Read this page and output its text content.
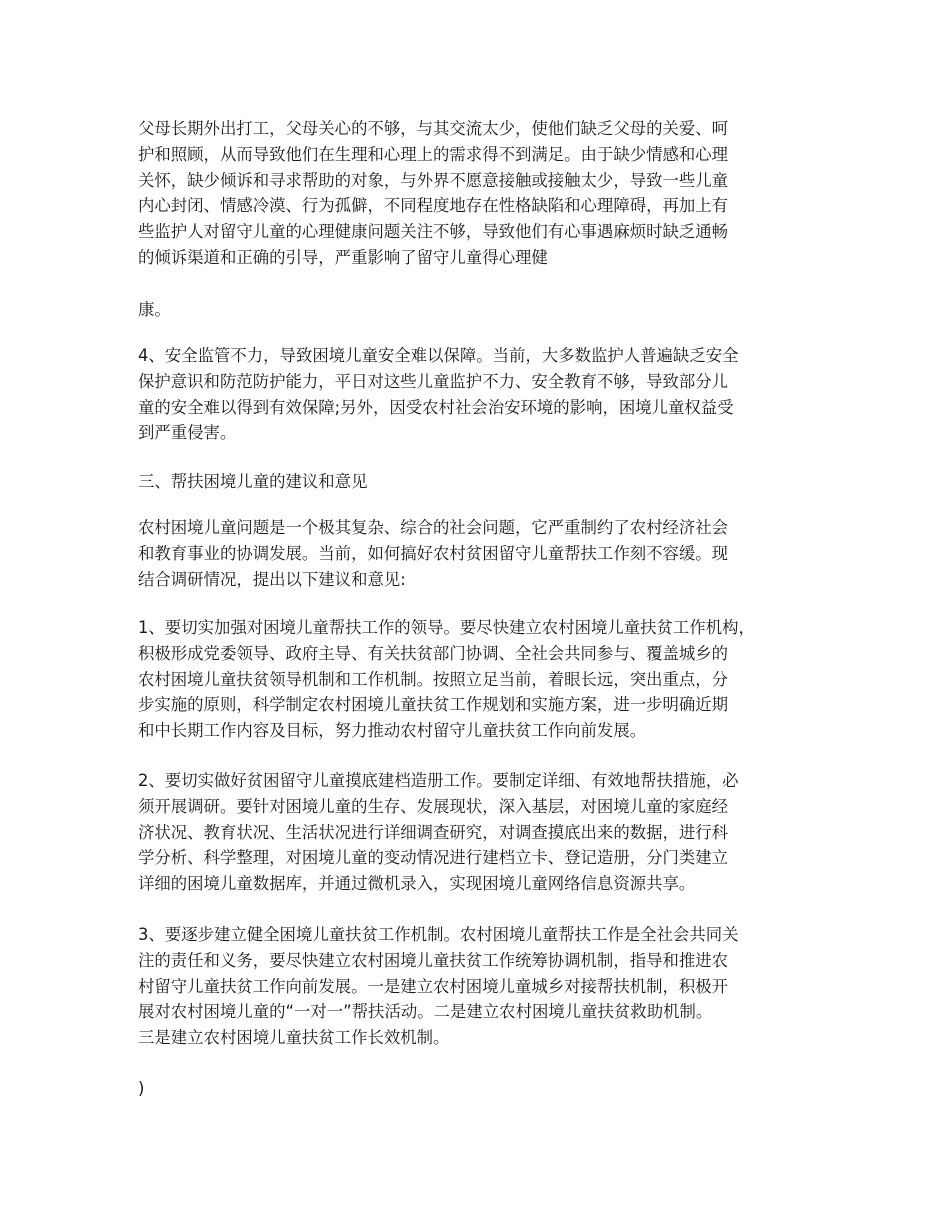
父母长期外出打工，父母关心的不够，与其交流太少，使他们缺乏父母的关爱、呵
护和照顾，从而导致他们在生理和心理上的需求得不到满足。由于缺少情感和心理
关怀，缺少倾诉和寻求帮助的对象，与外界不愿意接触或接触太少，导致一些儿童
内心封闭、情感冷漠、行为孤僻，不同程度地存在性格缺陷和心理障碍，再加上有
些监护人对留守儿童的心理健康问题关注不够，导致他们有心事遇麻烦时缺乏通畅
的倾诉渠道和正确的引导，严重影响了留守儿童得心理健
康。
4、安全监管不力，导致困境儿童安全难以保障。当前，大多数监护人普遍缺乏安全
保护意识和防范防护能力，平日对这些儿童监护不力、安全教育不够，导致部分儿
童的安全难以得到有效保障;另外，因受农村社会治安环境的影响，困境儿童权益受
到严重侵害。
三、帮扶困境儿童的建议和意见
农村困境儿童问题是一个极其复杂、综合的社会问题，它严重制约了农村经济社会
和教育事业的协调发展。当前，如何搞好农村贫困留守儿童帮扶工作刻不容缓。现
结合调研情况，提出以下建议和意见:
1、要切实加强对困境儿童帮扶工作的领导。要尽快建立农村困境儿童扶贫工作机构，
积极形成党委领导、政府主导、有关扶贫部门协调、全社会共同参与、覆盖城乡的
农村困境儿童扶贫领导机制和工作机制。按照立足当前，着眼长远，突出重点，分
步实施的原则，科学制定农村困境儿童扶贫工作规划和实施方案，进一步明确近期
和中长期工作内容及目标，努力推动农村留守儿童扶贫工作向前发展。
2、要切实做好贫困留守儿童摸底建档造册工作。要制定详细、有效地帮扶措施，必
须开展调研。要针对困境儿童的生存、发展现状，深入基层，对困境儿童的家庭经
济状况、教育状况、生活状况进行详细调查研究，对调查摸底出来的数据，进行科
学分析、科学整理，对困境儿童的变动情况进行建档立卡、登记造册，分门类建立
详细的困境儿童数据库，并通过微机录入，实现困境儿童网络信息资源共享。
3、要逐步建立健全困境儿童扶贫工作机制。农村困境儿童帮扶工作是全社会共同关
注的责任和义务，要尽快建立农村困境儿童扶贫工作统筹协调机制，指导和推进农
村留守儿童扶贫工作向前发展。一是建立农村困境儿童城乡对接帮扶机制，积极开
展对农村困境儿童的“一对一”帮扶活动。二是建立农村困境儿童扶贫救助机制。
三是建立农村困境儿童扶贫工作长效机制。
)
